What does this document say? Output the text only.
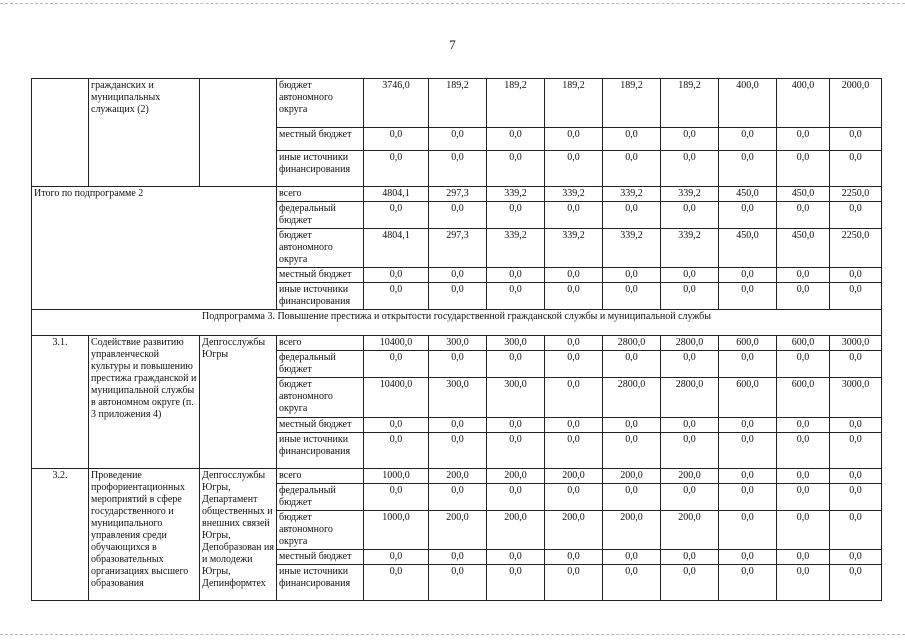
7
	гражданских и муниципальных служащих (2)		бюджет автономного округа	3746,0	189,2	189,2	189,2	189,2	189,2	400,0	400,0	2000,0
			местный бюджет	0,0	0,0	0,0	0,0	0,0	0,0	0,0	0,0	0,0
			иные источники финансирования	0,0	0,0	0,0	0,0	0,0	0,0	0,0	0,0	0,0
Итого по подпрограмме 2			всего	4804,1	297,3	339,2	339,2	339,2	339,2	450,0	450,0	2250,0
			федеральный бюджет	0,0	0,0	0,0	0,0	0,0	0,0	0,0	0,0	0,0
			бюджет автономного округа	4804,1	297,3	339,2	339,2	339,2	339,2	450,0	450,0	2250,0
			местный бюджет	0,0	0,0	0,0	0,0	0,0	0,0	0,0	0,0	0,0
			иные источники финансирования	0,0	0,0	0,0	0,0	0,0	0,0	0,0	0,0	0,0
Подпрограмма 3. Повышение престижа и открытости государственной гражданской службы и муниципальной службы												
3.1.	Содействие развитию управленческой культуры и повышению престижа гражданской и муниципальной службы в автономном округе (п. 3 приложения 4)	Депгосслужбы Югры	всего	10400,0	300,0	300,0	0,0	2800,0	2800,0	600,0	600,0	3000,0
			федеральный бюджет	0,0	0,0	0,0	0,0	0,0	0,0	0,0	0,0	0,0
			бюджет автономного округа	10400,0	300,0	300,0	0,0	2800,0	2800,0	600,0	600,0	3000,0
			местный бюджет	0,0	0,0	0,0	0,0	0,0	0,0	0,0	0,0	0,0
			иные источники финансирования	0,0	0,0	0,0	0,0	0,0	0,0	0,0	0,0	0,0
3.2.	Проведение профориентационных мероприятий в сфере государственного и муниципального управления среди обучающихся в образовательных организациях высшего образования	Депгосслужбы Югры, Департамент общественных и внешних связей Югры, Депобразован ия и молодежи Югры, Депинформтех	всего	1000,0	200,0	200,0	200,0	200,0	200,0	0,0	0,0	0,0
			федеральный бюджет	0,0	0,0	0,0	0,0	0,0	0,0	0,0	0,0	0,0
			бюджет автономного округа	1000,0	200,0	200,0	200,0	200,0	200,0	0,0	0,0	0,0
			местный бюджет	0,0	0,0	0,0	0,0	0,0	0,0	0,0	0,0	0,0
			иные источники финансирования	0,0	0,0	0,0	0,0	0,0	0,0	0,0	0,0	0,0
